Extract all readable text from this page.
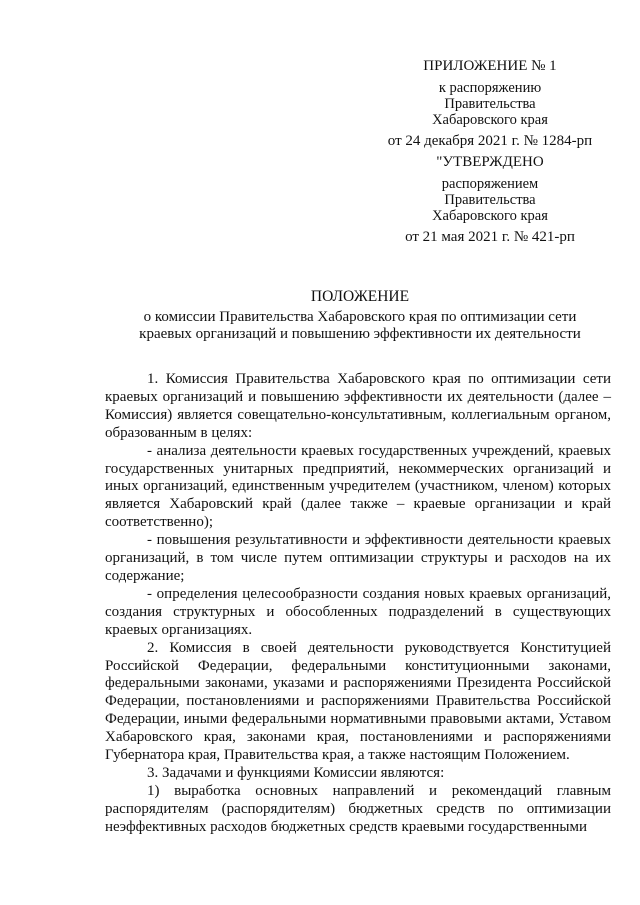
ПРИЛОЖЕНИЕ № 1
к распоряжению
Правительства
Хабаровского края
от 24 декабря 2021 г. № 1284-рп
"УТВЕРЖДЕНО
распоряжением
Правительства
Хабаровского края
от 21 мая 2021 г. № 421-рп
ПОЛОЖЕНИЕ
о комиссии Правительства Хабаровского края по оптимизации сети
краевых организаций и повышению эффективности их деятельности

1. Комиссия Правительства Хабаровского края по оптимизации сети краевых организаций и повышению эффективности их деятельности (далее – Комиссия) является совещательно-консультативным, коллегиальным органом, образованным в целях:

- анализа деятельности краевых государственных учреждений, краевых государственных унитарных предприятий, некоммерческих организаций и иных организаций, единственным учредителем (участником, членом) которых является Хабаровский край (далее также – краевые организации и край соответственно);

- повышения результативности и эффективности деятельности краевых организаций, в том числе путем оптимизации структуры и расходов на их содержание;

- определения целесообразности создания новых краевых организаций, создания структурных и обособленных подразделений в существующих краевых организациях.

2. Комиссия в своей деятельности руководствуется Конституцией Российской Федерации, федеральными конституционными законами, федеральными законами, указами и распоряжениями Президента Российской Федерации, постановлениями и распоряжениями Правительства Российской Федерации, иными федеральными нормативными правовыми актами, Уставом Хабаровского края, законами края, постановлениями и распоряжениями Губернатора края, Правительства края, а также настоящим Положением.

3. Задачами и функциями Комиссии являются:

1) выработка основных направлений и рекомендаций главным распорядителям (распорядителям) бюджетных средств по оптимизации неэффективных расходов бюджетных средств краевыми государственными
